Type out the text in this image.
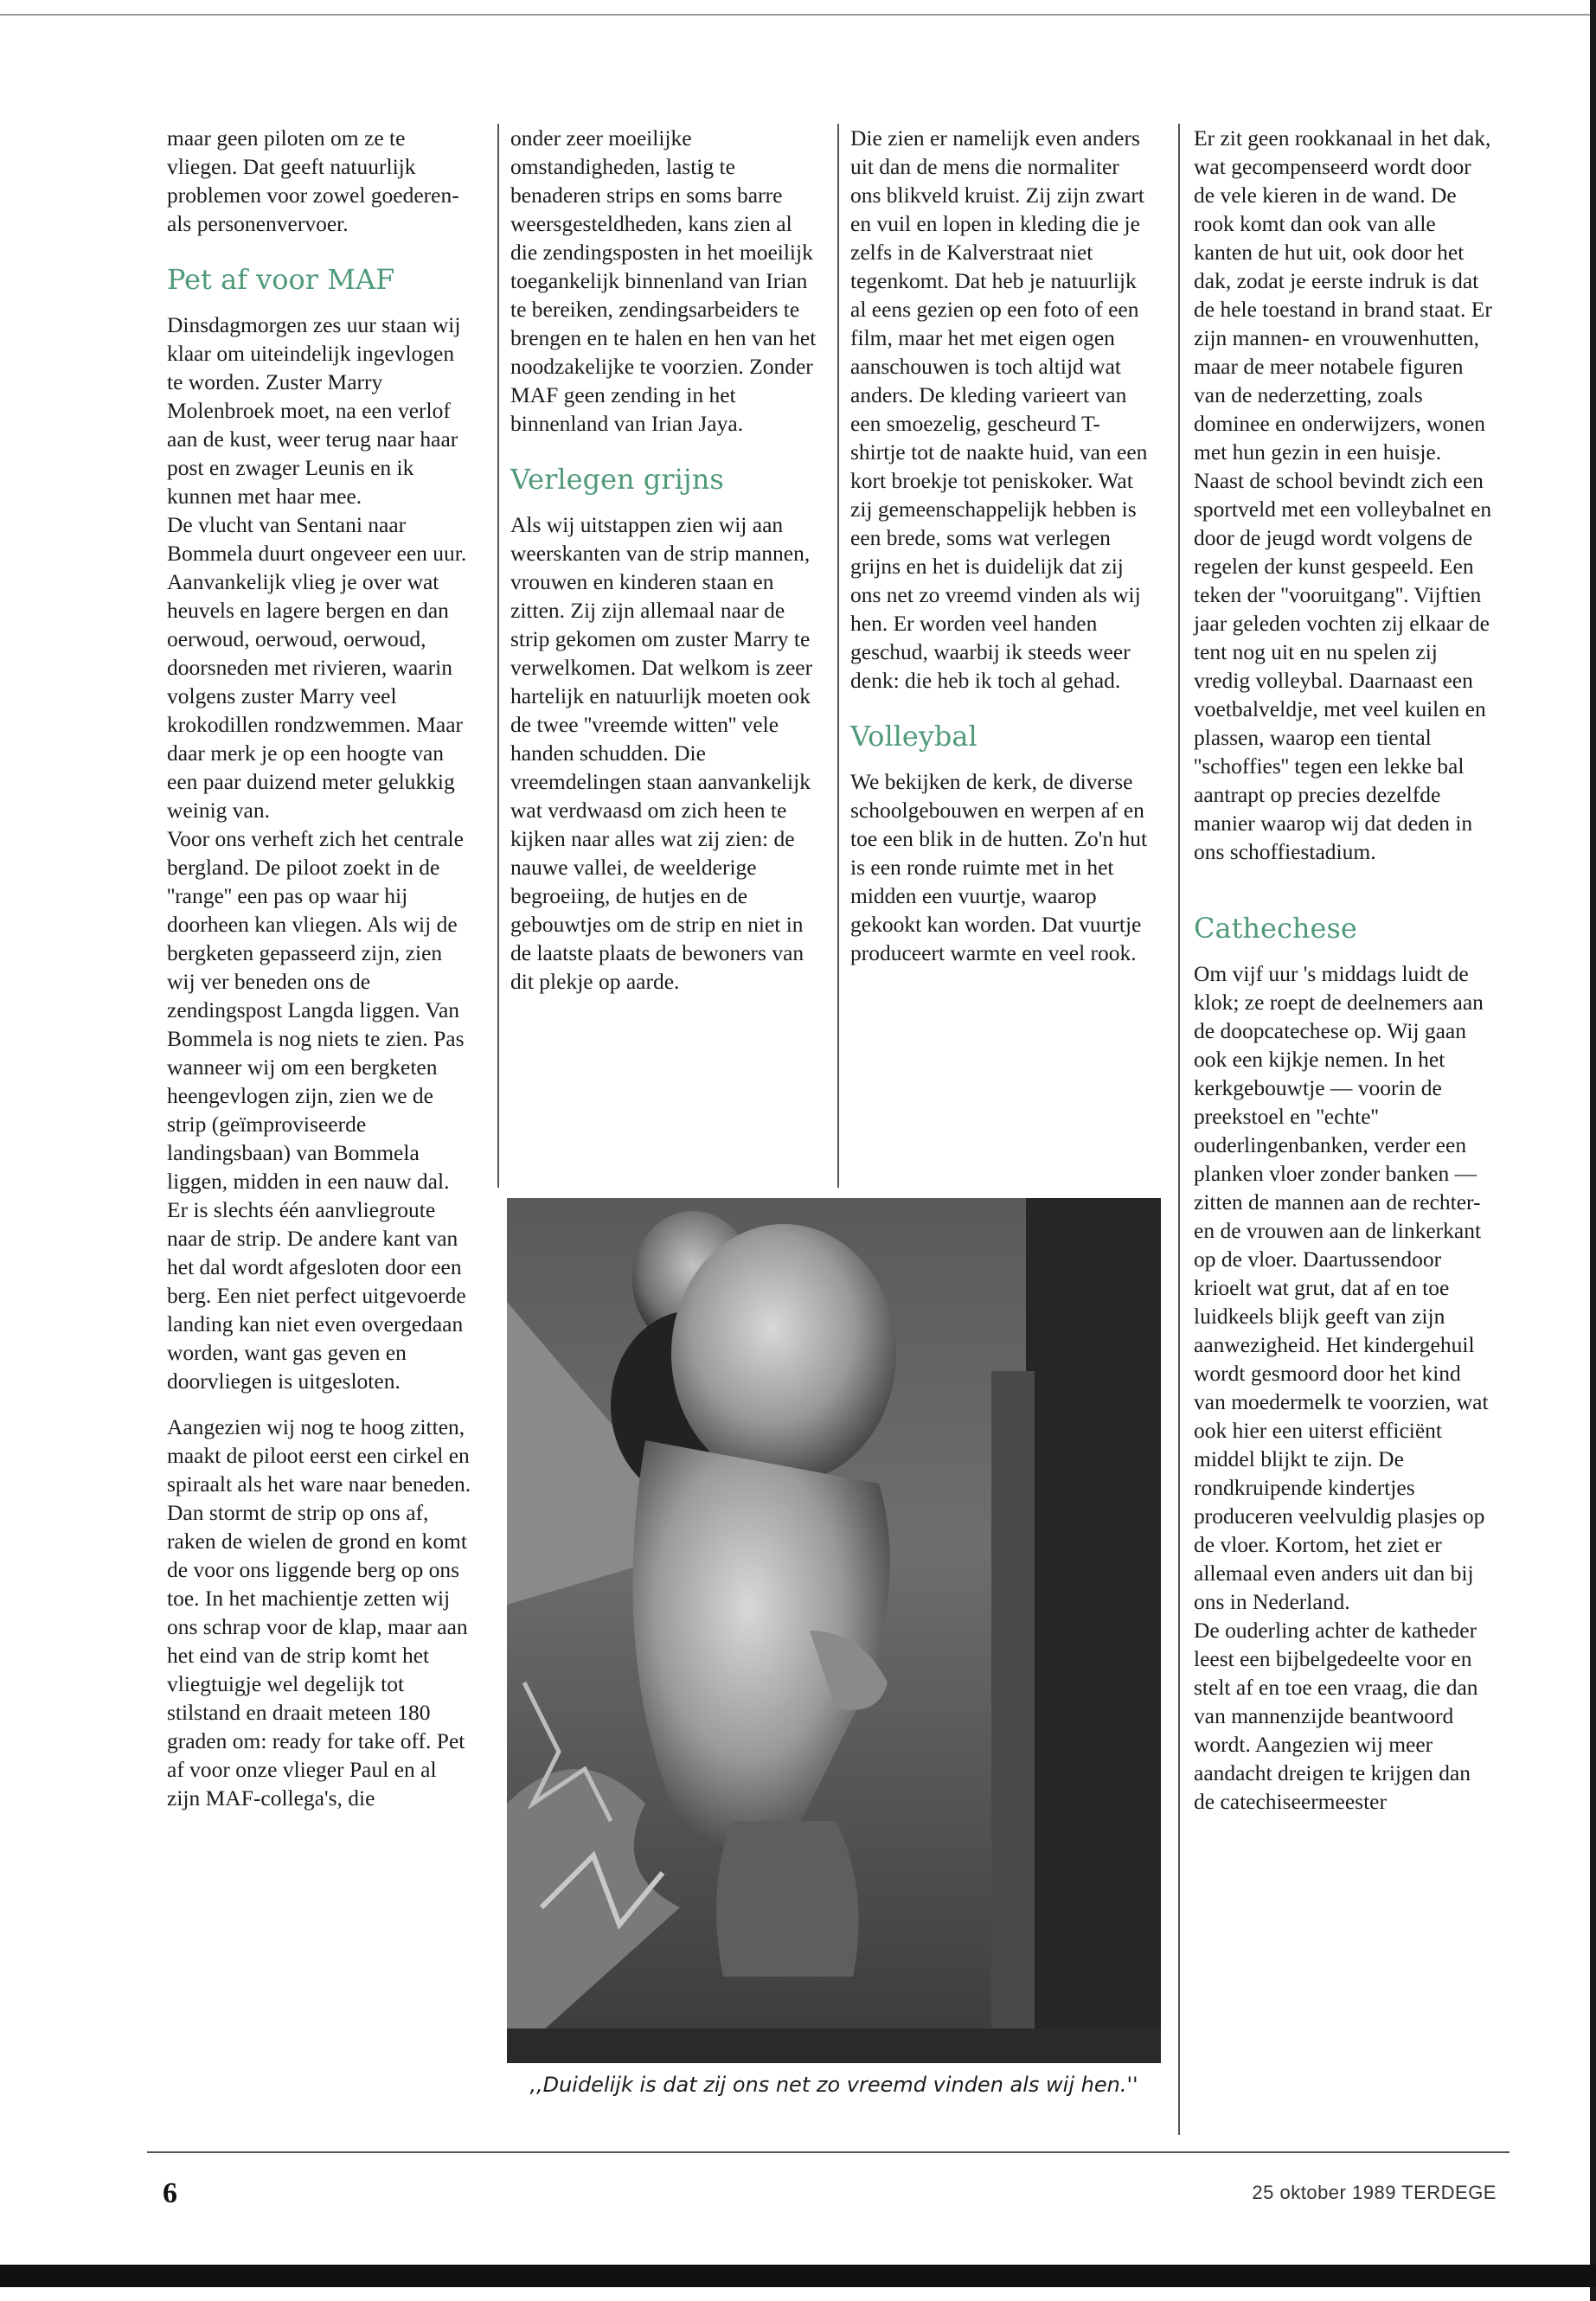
maar geen piloten om ze te vliegen. Dat geeft natuurlijk problemen voor zowel goederen- als personenvervoer.

Pet af voor MAF

Dinsdagmorgen zes uur staan wij klaar om uiteindelijk ingevlogen te worden. Zuster Marry Molenbroek moet, na een verlof aan de kust, weer terug naar haar post en zwager Leunis en ik kunnen met haar mee.

De vlucht van Sentani naar Bommela duurt ongeveer een uur. Aanvankelijk vlieg je over wat heuvels en lagere bergen en dan oerwoud, oerwoud, oerwoud, doorsneden met rivieren, waarin volgens zuster Marry veel krokodillen rondzwemmen. Maar daar merk je op een hoogte van een paar duizend meter gelukkig weinig van.

Voor ons verheft zich het centrale bergland. De piloot zoekt in de ''range'' een pas op waar hij doorheen kan vliegen. Als wij de bergketen gepasseerd zijn, zien wij ver beneden ons de zendingspost Langda liggen. Van Bommela is nog niets te zien. Pas wanneer wij om een bergketen heengevlogen zijn, zien we de strip (geïmproviseerde landingsbaan) van Bommela liggen, midden in een nauw dal. Er is slechts één aanvliegroute naar de strip. De andere kant van het dal wordt afgesloten door een berg. Een niet perfect uitgevoerde landing kan niet even overgedaan worden, want gas geven en doorvliegen is uitgesloten.

Aangezien wij nog te hoog zitten, maakt de piloot eerst een cirkel en spiraalt als het ware naar beneden. Dan stormt de strip op ons af, raken de wielen de grond en komt de voor ons liggende berg op ons toe. In het machientje zetten wij ons schrap voor de klap, maar aan het eind van de strip komt het vliegtuigje wel degelijk tot stilstand en draait meteen 180 graden om: ready for take off. Pet af voor onze vlieger Paul en al zijn MAF-collega's, die

onder zeer moeilijke omstandigheden, lastig te benaderen strips en soms barre weersgesteldheden, kans zien al die zendingsposten in het moeilijk toegankelijk binnenland van Irian te bereiken, zendingsarbeiders te brengen en te halen en hen van het noodzakelijke te voorzien. Zonder MAF geen zending in het binnenland van Irian Jaya.

Verlegen grijns

Als wij uitstappen zien wij aan weerskanten van de strip mannen, vrouwen en kinderen staan en zitten. Zij zijn allemaal naar de strip gekomen om zuster Marry te verwelkomen. Dat welkom is zeer hartelijk en natuurlijk moeten ook de twee ''vreemde witten'' vele handen schudden. Die vreemdelingen staan aanvankelijk wat verdwaasd om zich heen te kijken naar alles wat zij zien: de nauwe vallei, de weelderige begroeiing, de hutjes en de gebouwtjes om de strip en niet in de laatste plaats de bewoners van dit plekje op aarde.

Die zien er namelijk even anders uit dan de mens die normaliter ons blikveld kruist. Zij zijn zwart en vuil en lopen in kleding die je zelfs in de Kalverstraat niet tegenkomt. Dat heb je natuurlijk al eens gezien op een foto of een film, maar het met eigen ogen aanschouwen is toch altijd wat anders. De kleding varieert van een smoezelig, gescheurd T-shirtje tot de naakte huid, van een kort broekje tot peniskoker. Wat zij gemeenschappelijk hebben is een brede, soms wat verlegen grijns en het is duidelijk dat zij ons net zo vreemd vinden als wij hen. Er worden veel handen geschud, waarbij ik steeds weer denk: die heb ik toch al gehad.

Volleybal

We bekijken de kerk, de diverse schoolgebouwen en werpen af en toe een blik in de hutten. Zo'n hut is een ronde ruimte met in het midden een vuurtje, waarop gekookt kan worden. Dat vuurtje produceert warmte en veel rook.

Er zit geen rookkanaal in het dak, wat gecompenseerd wordt door de vele kieren in de wand. De rook komt dan ook van alle kanten de hut uit, ook door het dak, zodat je eerste indruk is dat de hele toestand in brand staat. Er zijn mannen- en vrouwenhutten, maar de meer notabele figuren van de nederzetting, zoals dominee en onderwijzers, wonen met hun gezin in een huisje.

Naast de school bevindt zich een sportveld met een volleybalnet en door de jeugd wordt volgens de regelen der kunst gespeeld. Een teken der ''vooruitgang''. Vijftien jaar geleden vochten zij elkaar de tent nog uit en nu spelen zij vredig volleybal. Daarnaast een voetbalveldje, met veel kuilen en plassen, waarop een tiental ''schoffies'' tegen een lekke bal aantrapt op precies dezelfde manier waarop wij dat deden in ons schoffiestadium.

Cathechese

Om vijf uur 's middags luidt de klok; ze roept de deelnemers aan de doopcatechese op. Wij gaan ook een kijkje nemen. In het kerkgebouwtje — voorin de preekstoel en ''echte'' ouderlingenbanken, verder een planken vloer zonder banken — zitten de mannen aan de rechter- en de vrouwen aan de linkerkant op de vloer. Daartussendoor krioelt wat grut, dat af en toe luidkeels blijk geeft van zijn aanwezigheid. Het kindergehuil wordt gesmoord door het kind van moedermelk te voorzien, wat ook hier een uiterst efficiënt middel blijkt te zijn. De rondkruipende kindertjes produceren veelvuldig plasjes op de vloer. Kortom, het ziet er allemaal even anders uit dan bij ons in Nederland.

De ouderling achter de katheder leest een bijbelgedeelte voor en stelt af en toe een vraag, die dan van mannenzijde beantwoord wordt. Aangezien wij meer aandacht dreigen te krijgen dan de catechiseermeester

,,Duidelijk is dat zij ons net zo vreemd vinden als wij hen.''
6	25 oktober 1989 TERDEGE
